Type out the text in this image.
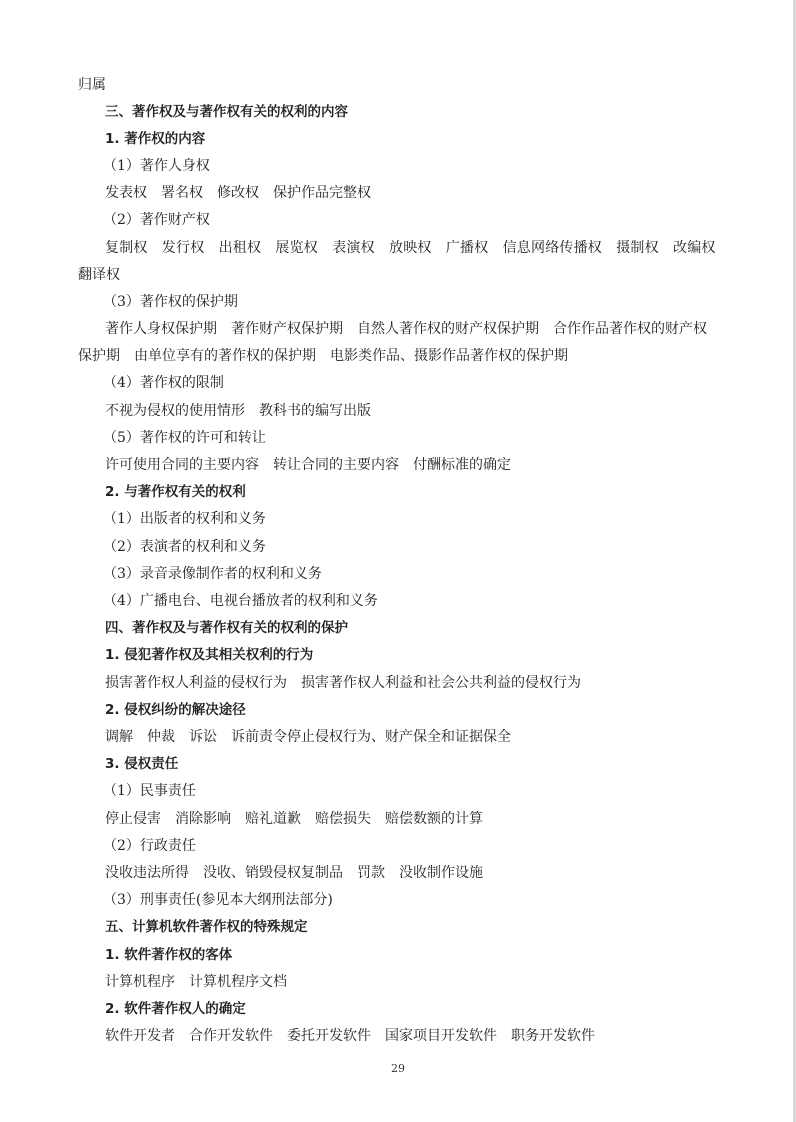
归属
三、著作权及与著作权有关的权利的内容
1. 著作权的内容
（1）著作人身权
发表权　署名权　修改权　保护作品完整权
（2）著作财产权
复制权　发行权　出租权　展览权　表演权　放映权　广播权　信息网络传播权　摄制权　改编权
翻译权
（3）著作权的保护期
著作人身权保护期　著作财产权保护期　自然人著作权的财产权保护期　合作作品著作权的财产权
保护期　由单位享有的著作权的保护期　电影类作品、摄影作品著作权的保护期
（4）著作权的限制
不视为侵权的使用情形　教科书的编写出版
（5）著作权的许可和转让
许可使用合同的主要内容　转让合同的主要内容　付酬标准的确定
2. 与著作权有关的权利
（1）出版者的权利和义务
（2）表演者的权利和义务
（3）录音录像制作者的权利和义务
（4）广播电台、电视台播放者的权利和义务
四、著作权及与著作权有关的权利的保护
1. 侵犯著作权及其相关权利的行为
损害著作权人利益的侵权行为　损害著作权人利益和社会公共利益的侵权行为
2. 侵权纠纷的解决途径
调解　仲裁　诉讼　诉前责令停止侵权行为、财产保全和证据保全
3. 侵权责任
（1）民事责任
停止侵害　消除影响　赔礼道歉　赔偿损失　赔偿数额的计算
（2）行政责任
没收违法所得　没收、销毁侵权复制品　罚款　没收制作设施
（3）刑事责任(参见本大纲刑法部分)
五、计算机软件著作权的特殊规定
1. 软件著作权的客体
计算机程序　计算机程序文档
2. 软件著作权人的确定
软件开发者　合作开发软件　委托开发软件　国家项目开发软件　职务开发软件
29
